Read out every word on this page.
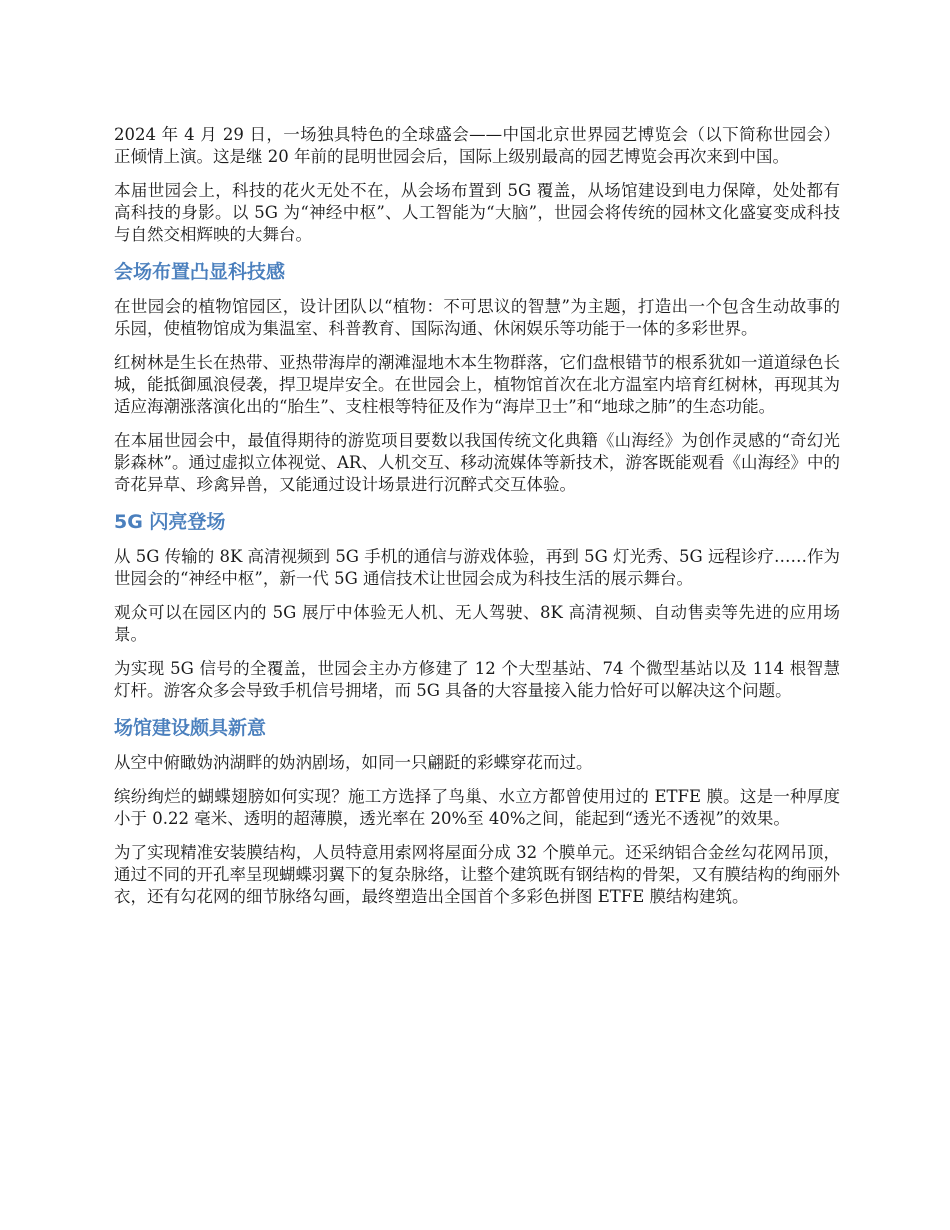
2024 年 4 月 29 日，一场独具特色的全球盛会——中国北京世界园艺博览会（以下简称世园会）正倾情上演。这是继 20 年前的昆明世园会后，国际上级别最高的园艺博览会再次来到中国。

本届世园会上，科技的花火无处不在，从会场布置到 5G 覆盖，从场馆建设到电力保障，处处都有高科技的身影。以 5G 为“神经中枢”、人工智能为“大脑”，世园会将传统的园林文化盛宴变成科技与自然交相辉映的大舞台。

会场布置凸显科技感

在世园会的植物馆园区，设计团队以“植物：不可思议的智慧”为主题，打造出一个包含生动故事的乐园，使植物馆成为集温室、科普教育、国际沟通、休闲娱乐等功能于一体的多彩世界。

红树林是生长在热带、亚热带海岸的潮滩湿地木本生物群落，它们盘根错节的根系犹如一道道绿色长城，能抵御風浪侵袭，捍卫堤岸安全。在世园会上，植物馆首次在北方温室内培育红树林，再现其为适应海潮涨落演化出的“胎生”、支柱根等特征及作为“海岸卫士”和“地球之肺”的生态功能。

在本届世园会中，最值得期待的游览项目要数以我国传统文化典籍《山海经》为创作灵感的“奇幻光影森林”。通过虚拟立体视觉、AR、人机交互、移动流媒体等新技术，游客既能观看《山海经》中的奇花异草、珍禽异兽，又能通过设计场景进行沉醉式交互体验。

5G 闪亮登场

从 5G 传输的 8K 高清视频到 5G 手机的通信与游戏体验，再到 5G 灯光秀、5G 远程诊疗……作为世园会的“神经中枢”，新一代 5G 通信技术让世园会成为科技生活的展示舞台。

观众可以在园区内的 5G 展厅中体验无人机、无人驾驶、8K 高清视频、自动售卖等先进的应用场景。

为实现 5G 信号的全覆盖，世园会主办方修建了 12 个大型基站、74 个微型基站以及 114 根智慧灯杆。游客众多会导致手机信号拥堵，而 5G 具备的大容量接入能力恰好可以解决这个问题。

场馆建设颇具新意

从空中俯瞰妫汭湖畔的妫汭剧场，如同一只翩跹的彩蝶穿花而过。

缤纷绚烂的蝴蝶翅膀如何实现？施工方选择了鸟巢、水立方都曾使用过的 ETFE 膜。这是一种厚度小于 0.22 毫米、透明的超薄膜，透光率在 20%至 40%之间，能起到“透光不透视”的效果。

为了实现精准安装膜结构，人员特意用索网将屋面分成 32 个膜单元。还采纳铝合金丝勾花网吊顶，通过不同的开孔率呈现蝴蝶羽翼下的复杂脉络，让整个建筑既有钢结构的骨架，又有膜结构的绚丽外衣，还有勾花网的细节脉络勾画，最终塑造出全国首个多彩色拼图 ETFE 膜结构建筑。
